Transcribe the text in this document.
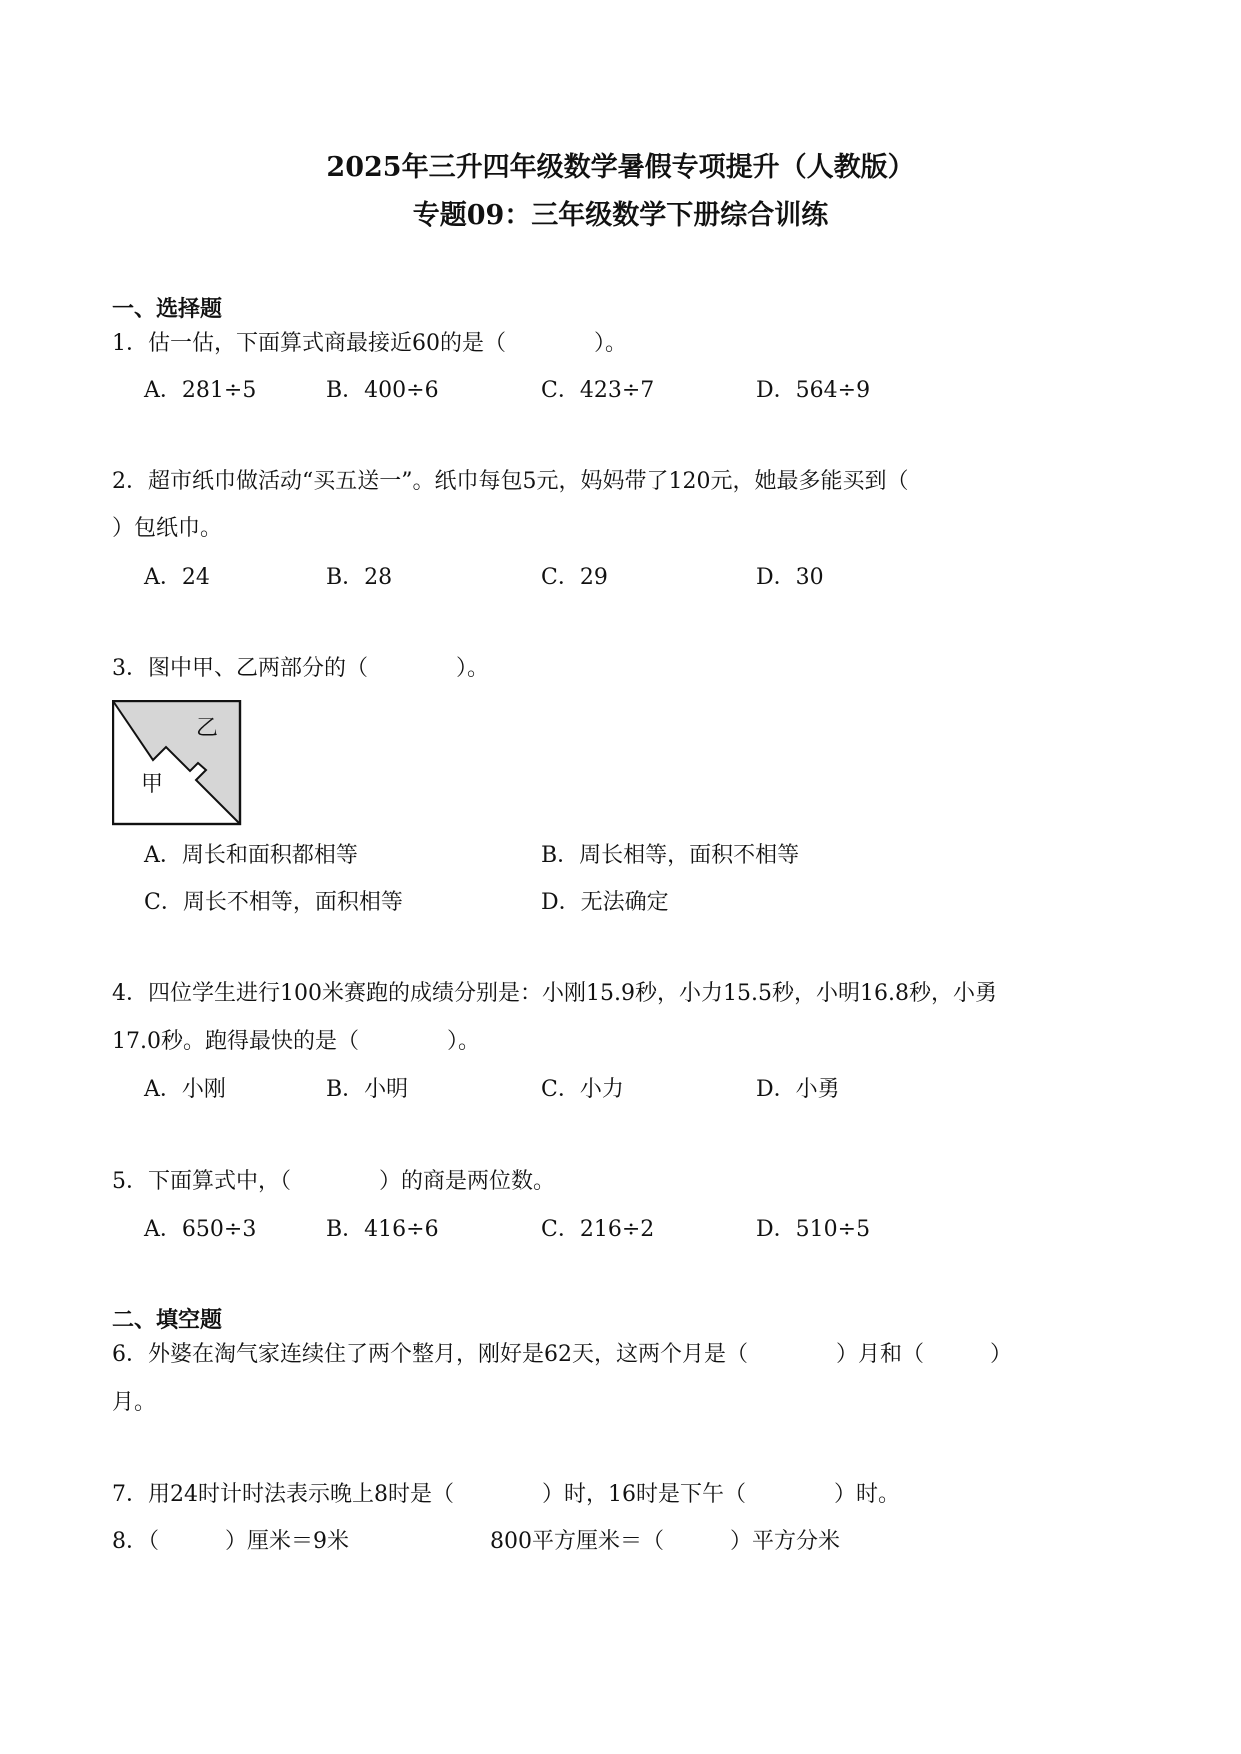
2025年三升四年级数学暑假专项提升（人教版）
专题09：三年级数学下册综合训练
一、选择题
1．估一估，下面算式商最接近60的是（　　　　）。
A．281÷5	B．400÷6	C．423÷7	D．564÷9
2．超市纸巾做活动“买五送一”。纸巾每包5元，妈妈带了120元，她最多能买到（
）包纸巾。
A．24	B．28	C．29	D．30
3．图中甲、乙两部分的（　　　　）。
乙
甲
A．周长和面积都相等	B．周长相等，面积不相等
C．周长不相等，面积相等	D．无法确定
4．四位学生进行100米赛跑的成绩分别是：小刚15.9秒，小力15.5秒，小明16.8秒，小勇
17.0秒。跑得最快的是（　　　　）。
A．小刚	B．小明	C．小力	D．小勇
5．下面算式中，（　　　　）的商是两位数。
A．650÷3	B．416÷6	C．216÷2	D．510÷5
二、填空题
6．外婆在淘气家连续住了两个整月，刚好是62天，这两个月是（　　　　）月和（　　　）
月。
7．用24时计时法表示晚上8时是（　　　　）时，16时是下午（　　　　）时。
8．（　　　）厘米＝9米	800平方厘米＝（　　　）平方分米
